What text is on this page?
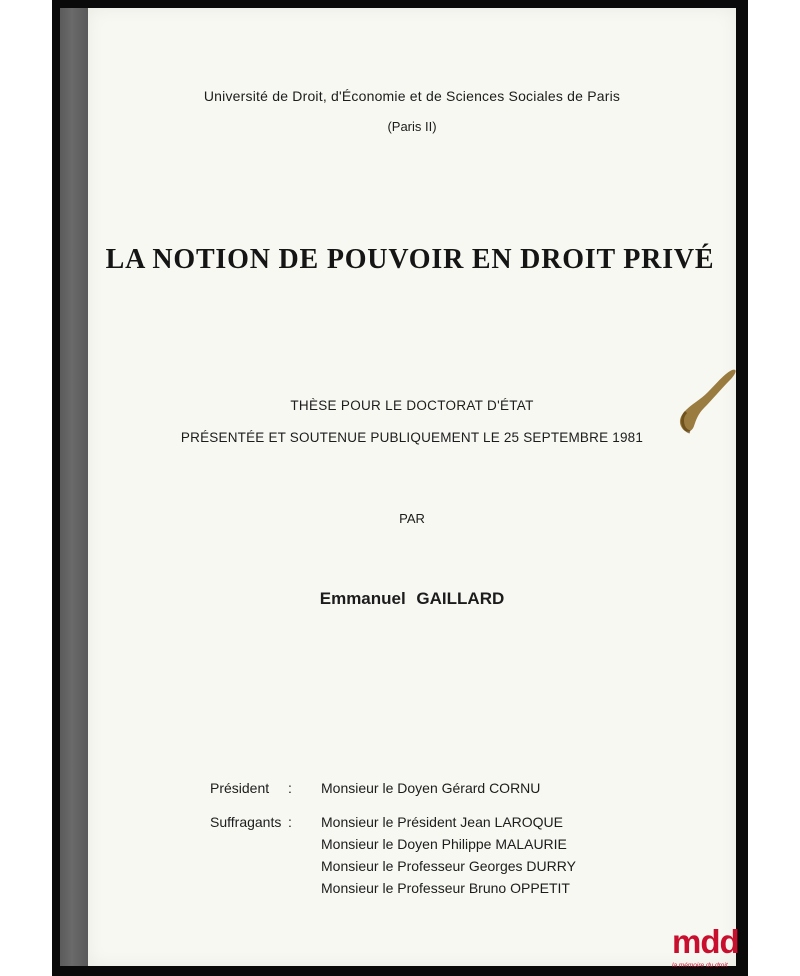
Université de Droit, d'Économie et de Sciences Sociales de Paris
(Paris II)
LA NOTION DE POUVOIR EN DROIT PRIVÉ
THÈSE POUR LE DOCTORAT D'ÉTAT
PRÉSENTÉE ET SOUTENUE PUBLIQUEMENT LE 25 SEPTEMBRE 1981
PAR
Emmanuel GAILLARD
Président : Monsieur le Doyen Gérard CORNU
Suffragants : Monsieur le Président Jean LAROQUE
Monsieur le Doyen Philippe MALAURIE
Monsieur le Professeur Georges DURRY
Monsieur le Professeur Bruno OPPETIT
mdd
la mémoire du droit
